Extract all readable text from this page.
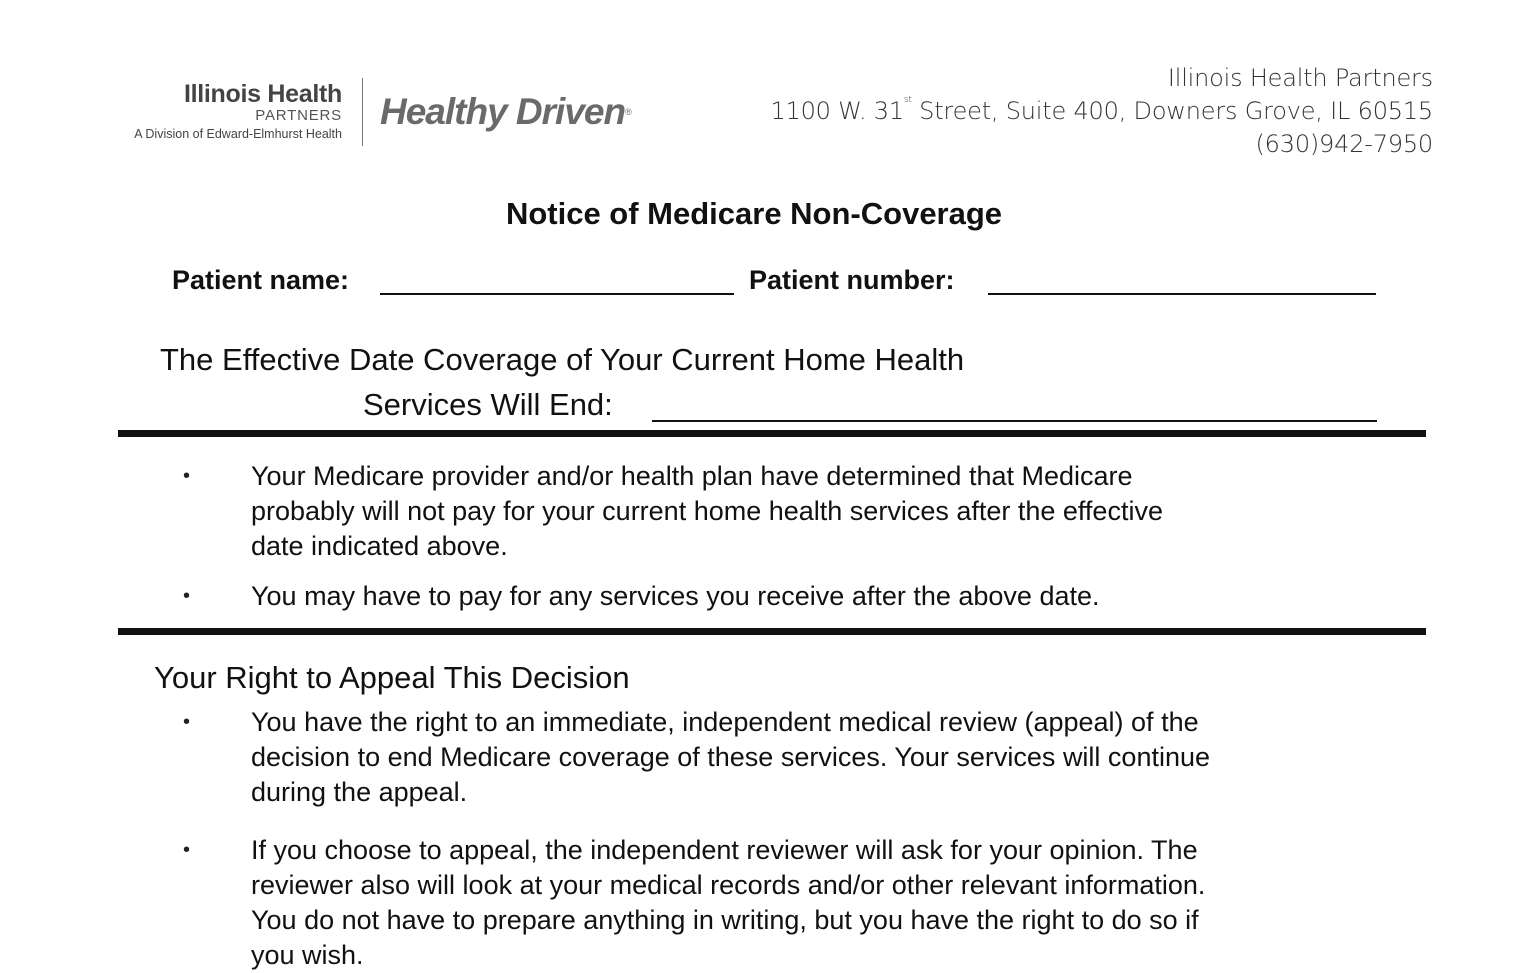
Illinois Health
PARTNERS
A Division of Edward-Elmhurst Health
Healthy Driven®
Illinois Health Partners
1100 W. 31st Street, Suite 400, Downers Grove, IL 60515
(630)942-7950
Notice of Medicare Non-Coverage
Patient name:	Patient number:
The Effective Date Coverage of Your Current Home Health
Services Will End:
• Your Medicare provider and/or health plan have determined that Medicare
probably will not pay for your current home health services after the effective
date indicated above.
• You may have to pay for any services you receive after the above date.
Your Right to Appeal This Decision
• You have the right to an immediate, independent medical review (appeal) of the
decision to end Medicare coverage of these services. Your services will continue
during the appeal.
• If you choose to appeal, the independent reviewer will ask for your opinion. The
reviewer also will look at your medical records and/or other relevant information.
You do not have to prepare anything in writing, but you have the right to do so if
you wish.
